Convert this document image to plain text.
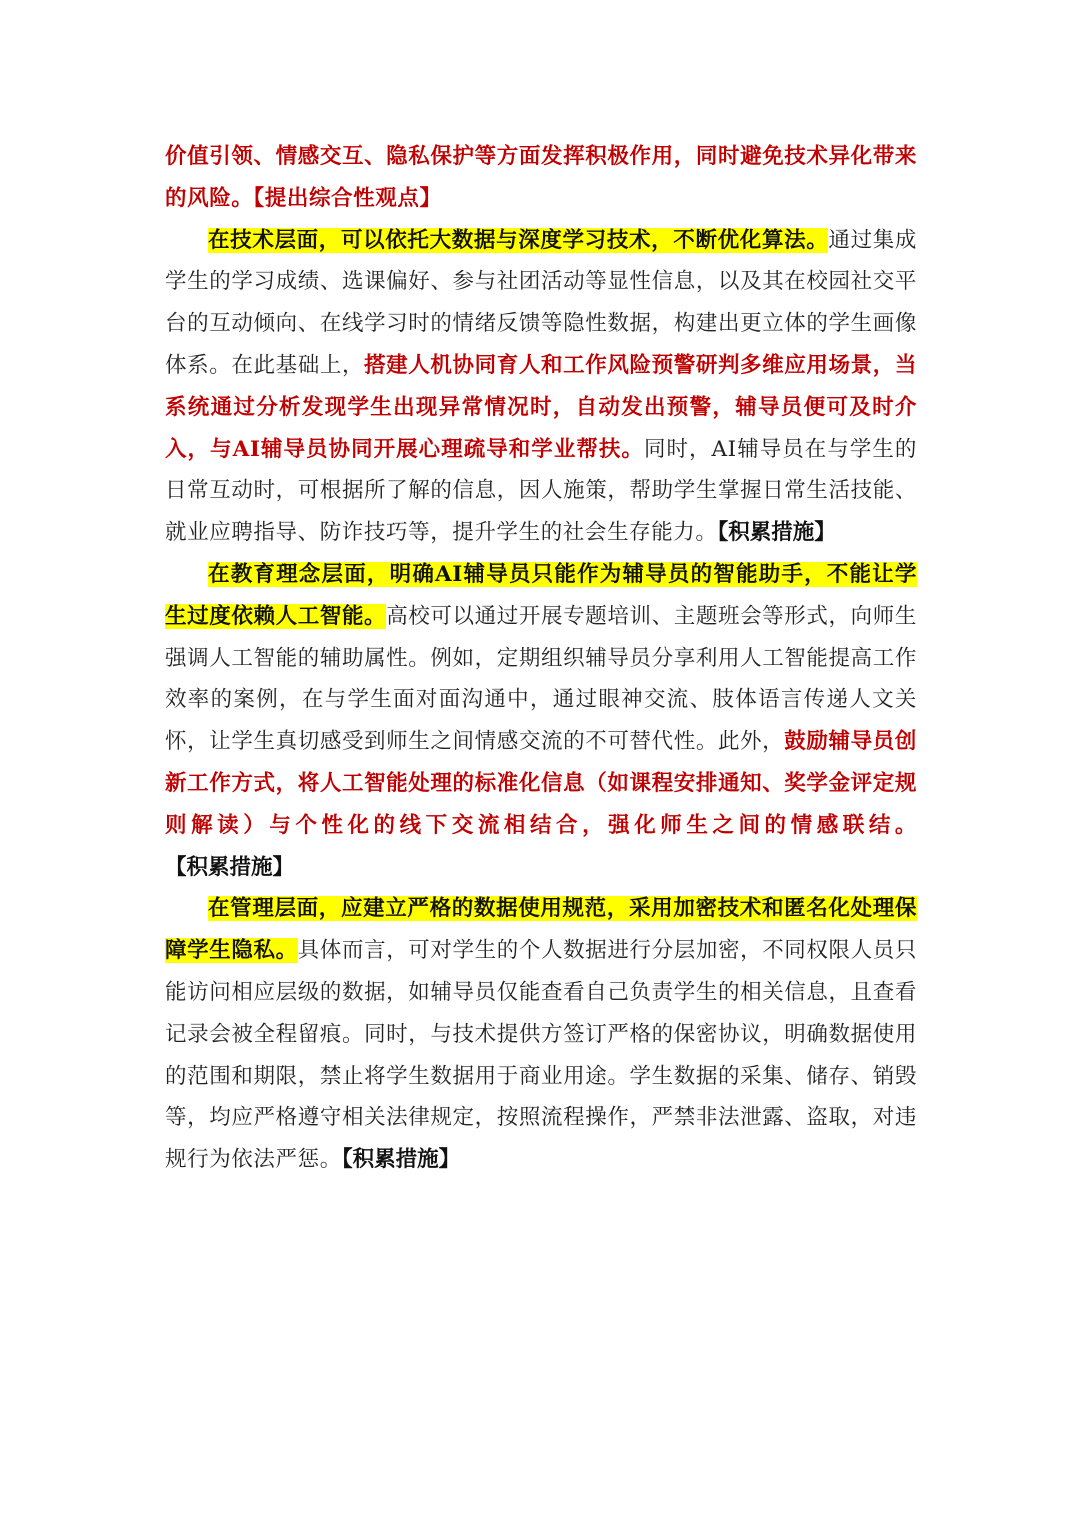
价值引领、情感交互、隐私保护等方面发挥积极作用，同时避免技术异化带来的风险。【提出综合性观点】

在技术层面，可以依托大数据与深度学习技术，不断优化算法。通过集成学生的学习成绩、选课偏好、参与社团活动等显性信息，以及其在校园社交平台的互动倾向、在线学习时的情绪反馈等隐性数据，构建出更立体的学生画像体系。在此基础上，搭建人机协同育人和工作风险预警研判多维应用场景，当系统通过分析发现学生出现异常情况时，自动发出预警，辅导员便可及时介入，与AI辅导员协同开展心理疏导和学业帮扶。同时，AI辅导员在与学生的日常互动时，可根据所了解的信息，因人施策，帮助学生掌握日常生活技能、就业应聘指导、防诈技巧等，提升学生的社会生存能力。【积累措施】

在教育理念层面，明确AI辅导员只能作为辅导员的智能助手，不能让学生过度依赖人工智能。高校可以通过开展专题培训、主题班会等形式，向师生强调人工智能的辅助属性。例如，定期组织辅导员分享利用人工智能提高工作效率的案例，在与学生面对面沟通中，通过眼神交流、肢体语言传递人文关怀，让学生真切感受到师生之间情感交流的不可替代性。此外，鼓励辅导员创新工作方式，将人工智能处理的标准化信息（如课程安排通知、奖学金评定规则解读）与个性化的线下交流相结合，强化师生之间的情感联结。【积累措施】

在管理层面，应建立严格的数据使用规范，采用加密技术和匿名化处理保障学生隐私。具体而言，可对学生的个人数据进行分层加密，不同权限人员只能访问相应层级的数据，如辅导员仅能查看自己负责学生的相关信息，且查看记录会被全程留痕。同时，与技术提供方签订严格的保密协议，明确数据使用的范围和期限，禁止将学生数据用于商业用途。学生数据的采集、储存、销毁等，均应严格遵守相关法律规定，按照流程操作，严禁非法泄露、盗取，对违规行为依法严惩。【积累措施】
